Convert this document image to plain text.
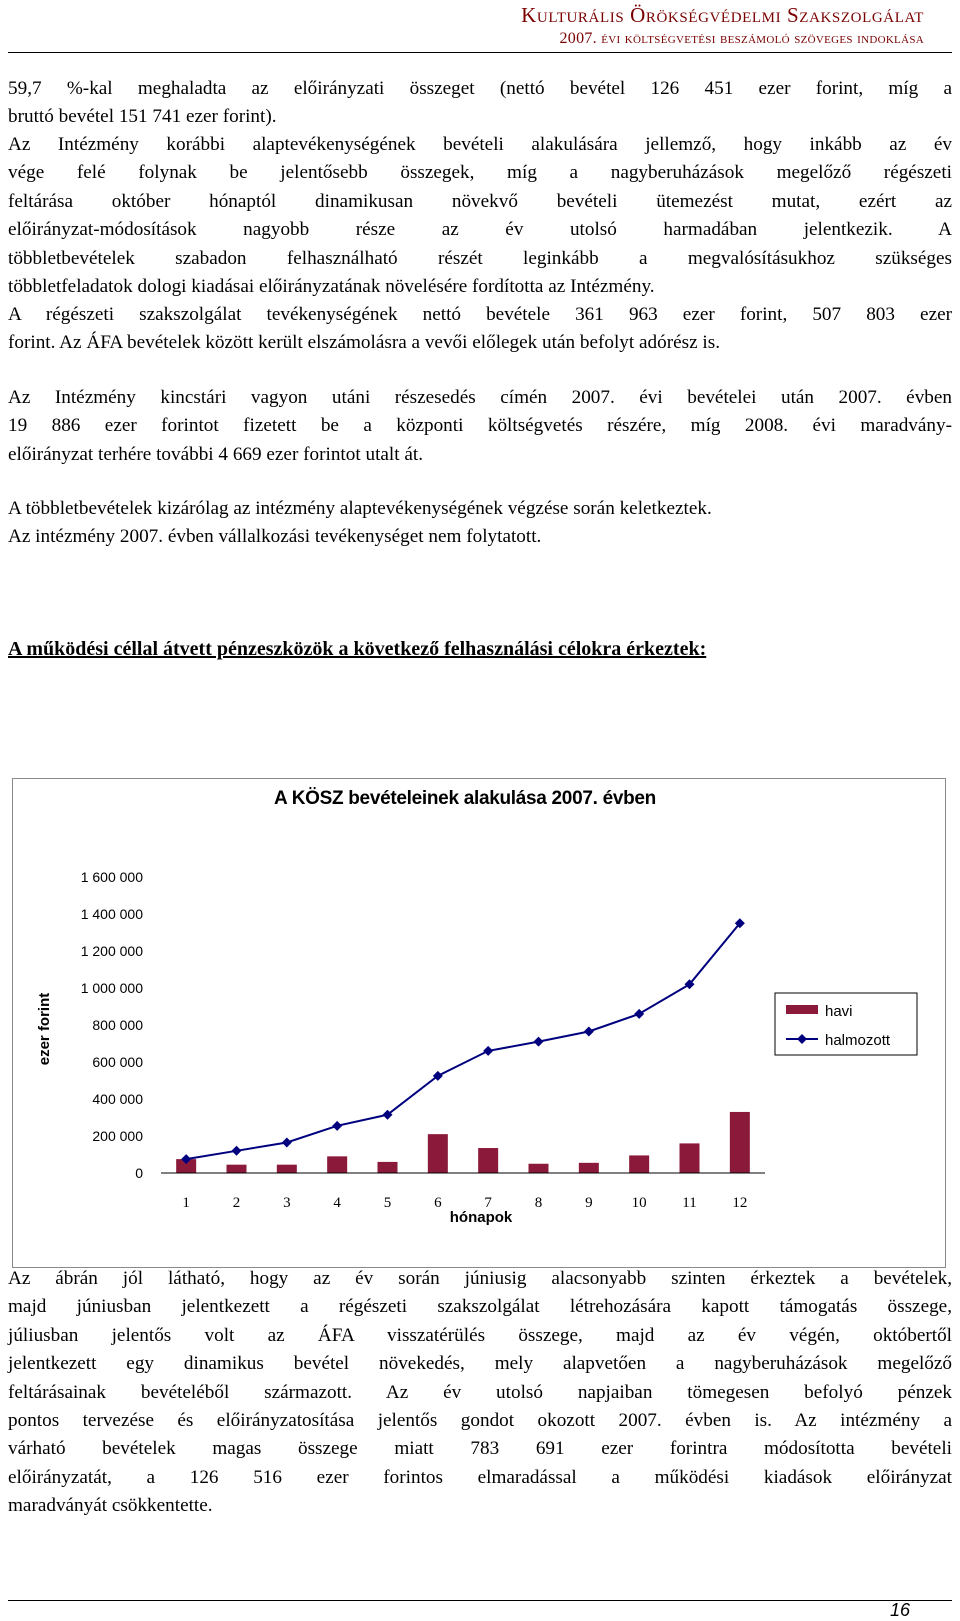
Kulturális Örökségvédelmi Szakszolgálat
2007. évi költségvetési beszámoló szöveges indoklása
59,7 %-kal meghaladta az előirányzati összeget (nettó bevétel 126 451 ezer forint, míg a
bruttó bevétel 151 741 ezer forint).
Az Intézmény korábbi alaptevékenységének bevételi alakulására jellemző, hogy inkább az év
vége felé folynak be jelentősebb összegek, míg a nagyberuházások megelőző régészeti
feltárása október hónaptól dinamikusan növekvő bevételi ütemezést mutat, ezért az
előirányzat-módosítások nagyobb része az év utolsó harmadában jelentkezik. A
többletbevételek szabadon felhasználható részét leginkább a megvalósításukhoz szükséges
többletfeladatok dologi kiadásai előirányzatának növelésére fordította az Intézmény.
A régészeti szakszolgálat tevékenységének nettó bevétele 361 963 ezer forint, 507 803 ezer
forint. Az ÁFA bevételek között került elszámolásra a vevői előlegek után befolyt adórész is.
Az Intézmény kincstári vagyon utáni részesedés címén 2007. évi bevételei után 2007. évben
19 886 ezer forintot fizetett be a központi költségvetés részére, míg 2008. évi maradvány-
előirányzat terhére további 4 669 ezer forintot utalt át.
A többletbevételek kizárólag az intézmény alaptevékenységének végzése során keletkeztek.
Az intézmény 2007. évben vállalkozási tevékenységet nem folytatott.
A működési céllal átvett pénzeszközök a következő felhasználási célokra érkeztek:
A KÖSZ bevételeinek alakulása 2007. évben
ezer forint
hónapok
0
200 000
400 000
600 000
800 000
1 000 000
1 200 000
1 400 000
1 600 000
1	2	3	4	5	6	7	8	9	10 11 12
havi
halmozott
Az ábrán jól látható, hogy az év során júniusig alacsonyabb szinten érkeztek a bevételek,
majd júniusban jelentkezett a régészeti szakszolgálat létrehozására kapott támogatás összege,
júliusban jelentős volt az ÁFA visszatérülés összege, majd az év végén, októbertől
jelentkezett egy dinamikus bevétel növekedés, mely alapvetően a nagyberuházások megelőző
feltárásainak bevételéből származott. Az év utolsó napjaiban tömegesen befolyó pénzek
pontos tervezése és előirányzatosítása jelentős gondot okozott 2007. évben is. Az intézmény a
várható bevételek magas összege miatt 783 691 ezer forintra módosította bevételi
előirányzatát, a 126 516 ezer forintos elmaradással a működési kiadások előirányzat
maradványát csökkentette.
16
